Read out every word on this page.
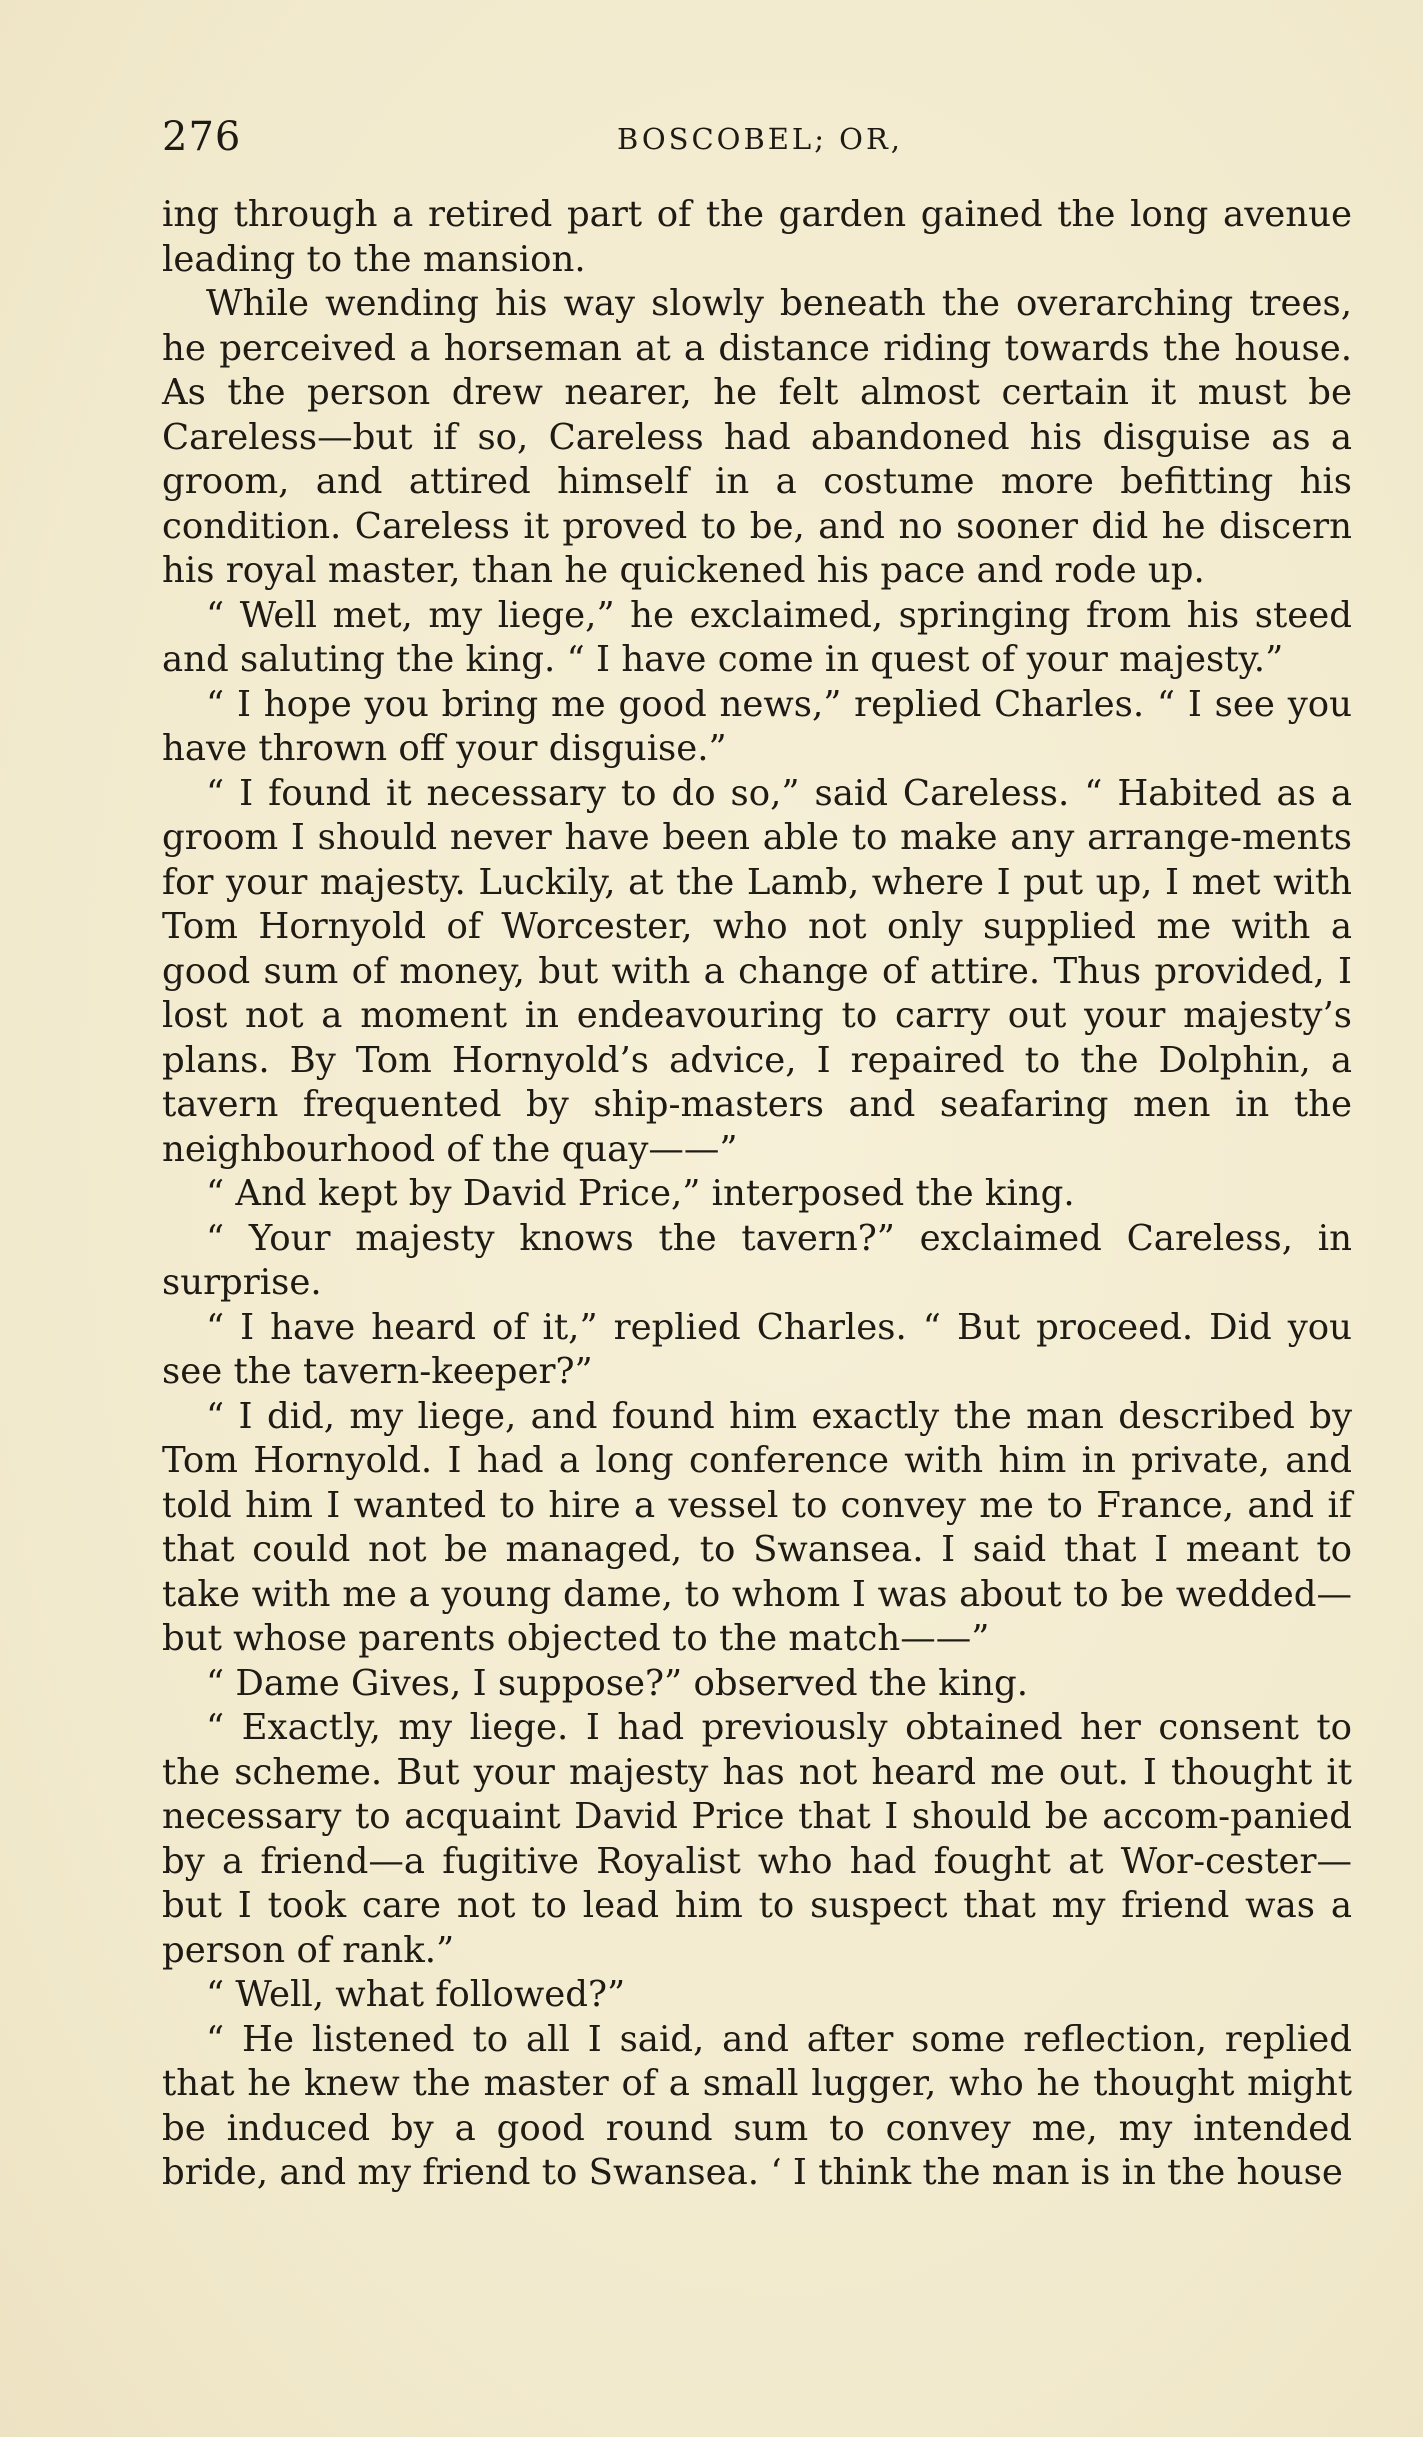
276	BOSCOBEL; OR,

ing through a retired part of the garden gained the long avenue leading to the mansion.

While wending his way slowly beneath the overarching trees, he perceived a horseman at a distance riding towards the house. As the person drew nearer, he felt almost certain it must be Careless—but if so, Careless had abandoned his disguise as a groom, and attired himself in a costume more befitting his condition. Careless it proved to be, and no sooner did he discern his royal master, than he quickened his pace and rode up.

“ Well met, my liege,” he exclaimed, springing from his steed and saluting the king. “ I have come in quest of your majesty.”

“ I hope you bring me good news,” replied Charles. “ I see you have thrown off your disguise.”

“ I found it necessary to do so,” said Careless. “ Habited as a groom I should never have been able to make any arrange-ments for your majesty. Luckily, at the Lamb, where I put up, I met with Tom Hornyold of Worcester, who not only supplied me with a good sum of money, but with a change of attire. Thus provided, I lost not a moment in endeavouring to carry out your majesty’s plans. By Tom Hornyold’s advice, I repaired to the Dolphin, a tavern frequented by ship-masters and seafaring men in the neighbourhood of the quay——”

“ And kept by David Price,” interposed the king.

“ Your majesty knows the tavern?” exclaimed Careless, in surprise.

“ I have heard of it,” replied Charles. “ But proceed. Did you see the tavern-keeper?”

“ I did, my liege, and found him exactly the man described by Tom Hornyold. I had a long conference with him in private, and told him I wanted to hire a vessel to convey me to France, and if that could not be managed, to Swansea. I said that I meant to take with me a young dame, to whom I was about to be wedded—but whose parents objected to the match——”

“ Dame Gives, I suppose?” observed the king.

“ Exactly, my liege. I had previously obtained her consent to the scheme. But your majesty has not heard me out. I thought it necessary to acquaint David Price that I should be accom-panied by a friend—a fugitive Royalist who had fought at Wor-cester—but I took care not to lead him to suspect that my friend was a person of rank.”

“ Well, what followed?”

“ He listened to all I said, and after some reflection, replied that he knew the master of a small lugger, who he thought might be induced by a good round sum to convey me, my intended bride, and my friend to Swansea. ‘ I think the man is in the house
